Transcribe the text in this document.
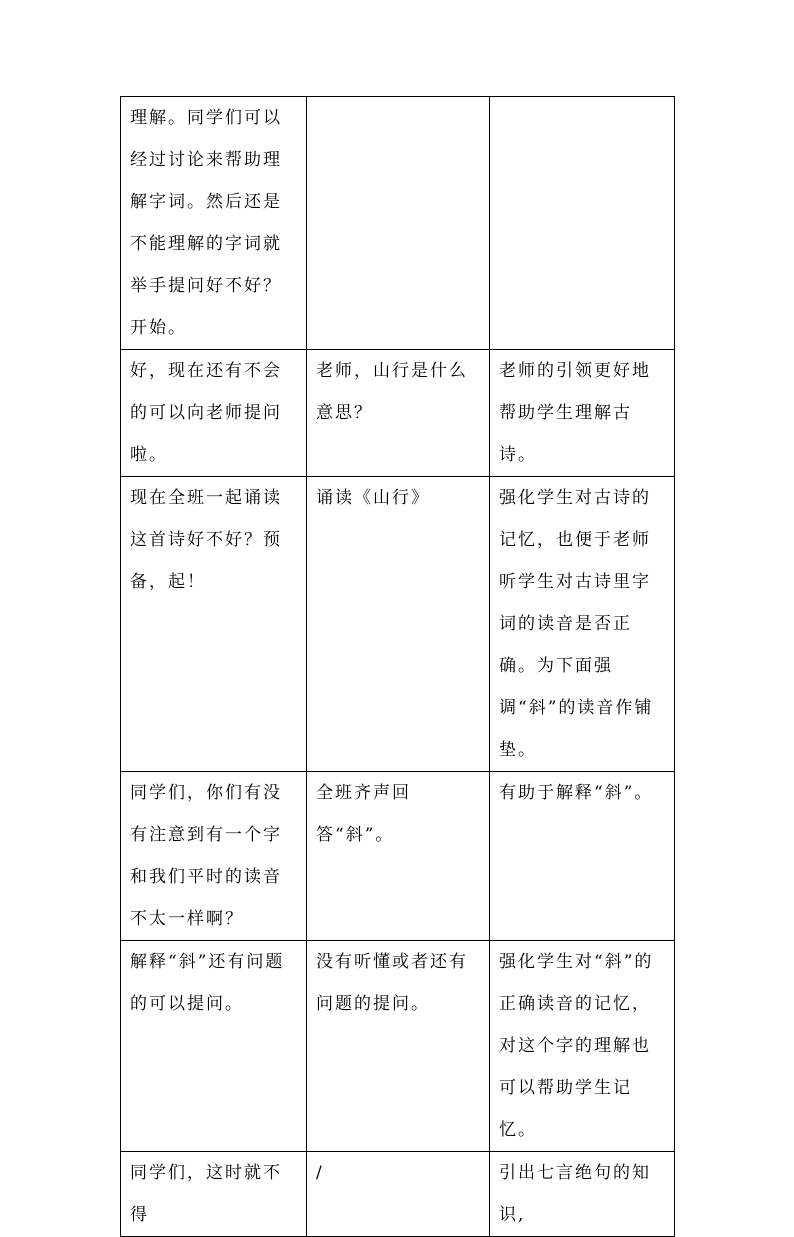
理解。同学们可以经过讨论来帮助理解字词。然后还是不能理解的字词就举手提问好不好？开始。		
好，现在还有不会的可以向老师提问啦。	老师，山行是什么意思？	老师的引领更好地帮助学生理解古诗。
现在全班一起诵读这首诗好不好？预备，起！	诵读《山行》	强化学生对古诗的记忆，也便于老师听学生对古诗里字词的读音是否正确。为下面强调“斜”的读音作铺垫。
同学们，你们有没有注意到有一个字和我们平时的读音不太一样啊？	全班齐声回答“斜”。	有助于解释“斜”。
解释“斜”还有问题的可以提问。	没有听懂或者还有问题的提问。	强化学生对“斜”的正确读音的记忆，对这个字的理解也可以帮助学生记忆。
同学们，这时就不得	/	引出七言绝句的知识,
